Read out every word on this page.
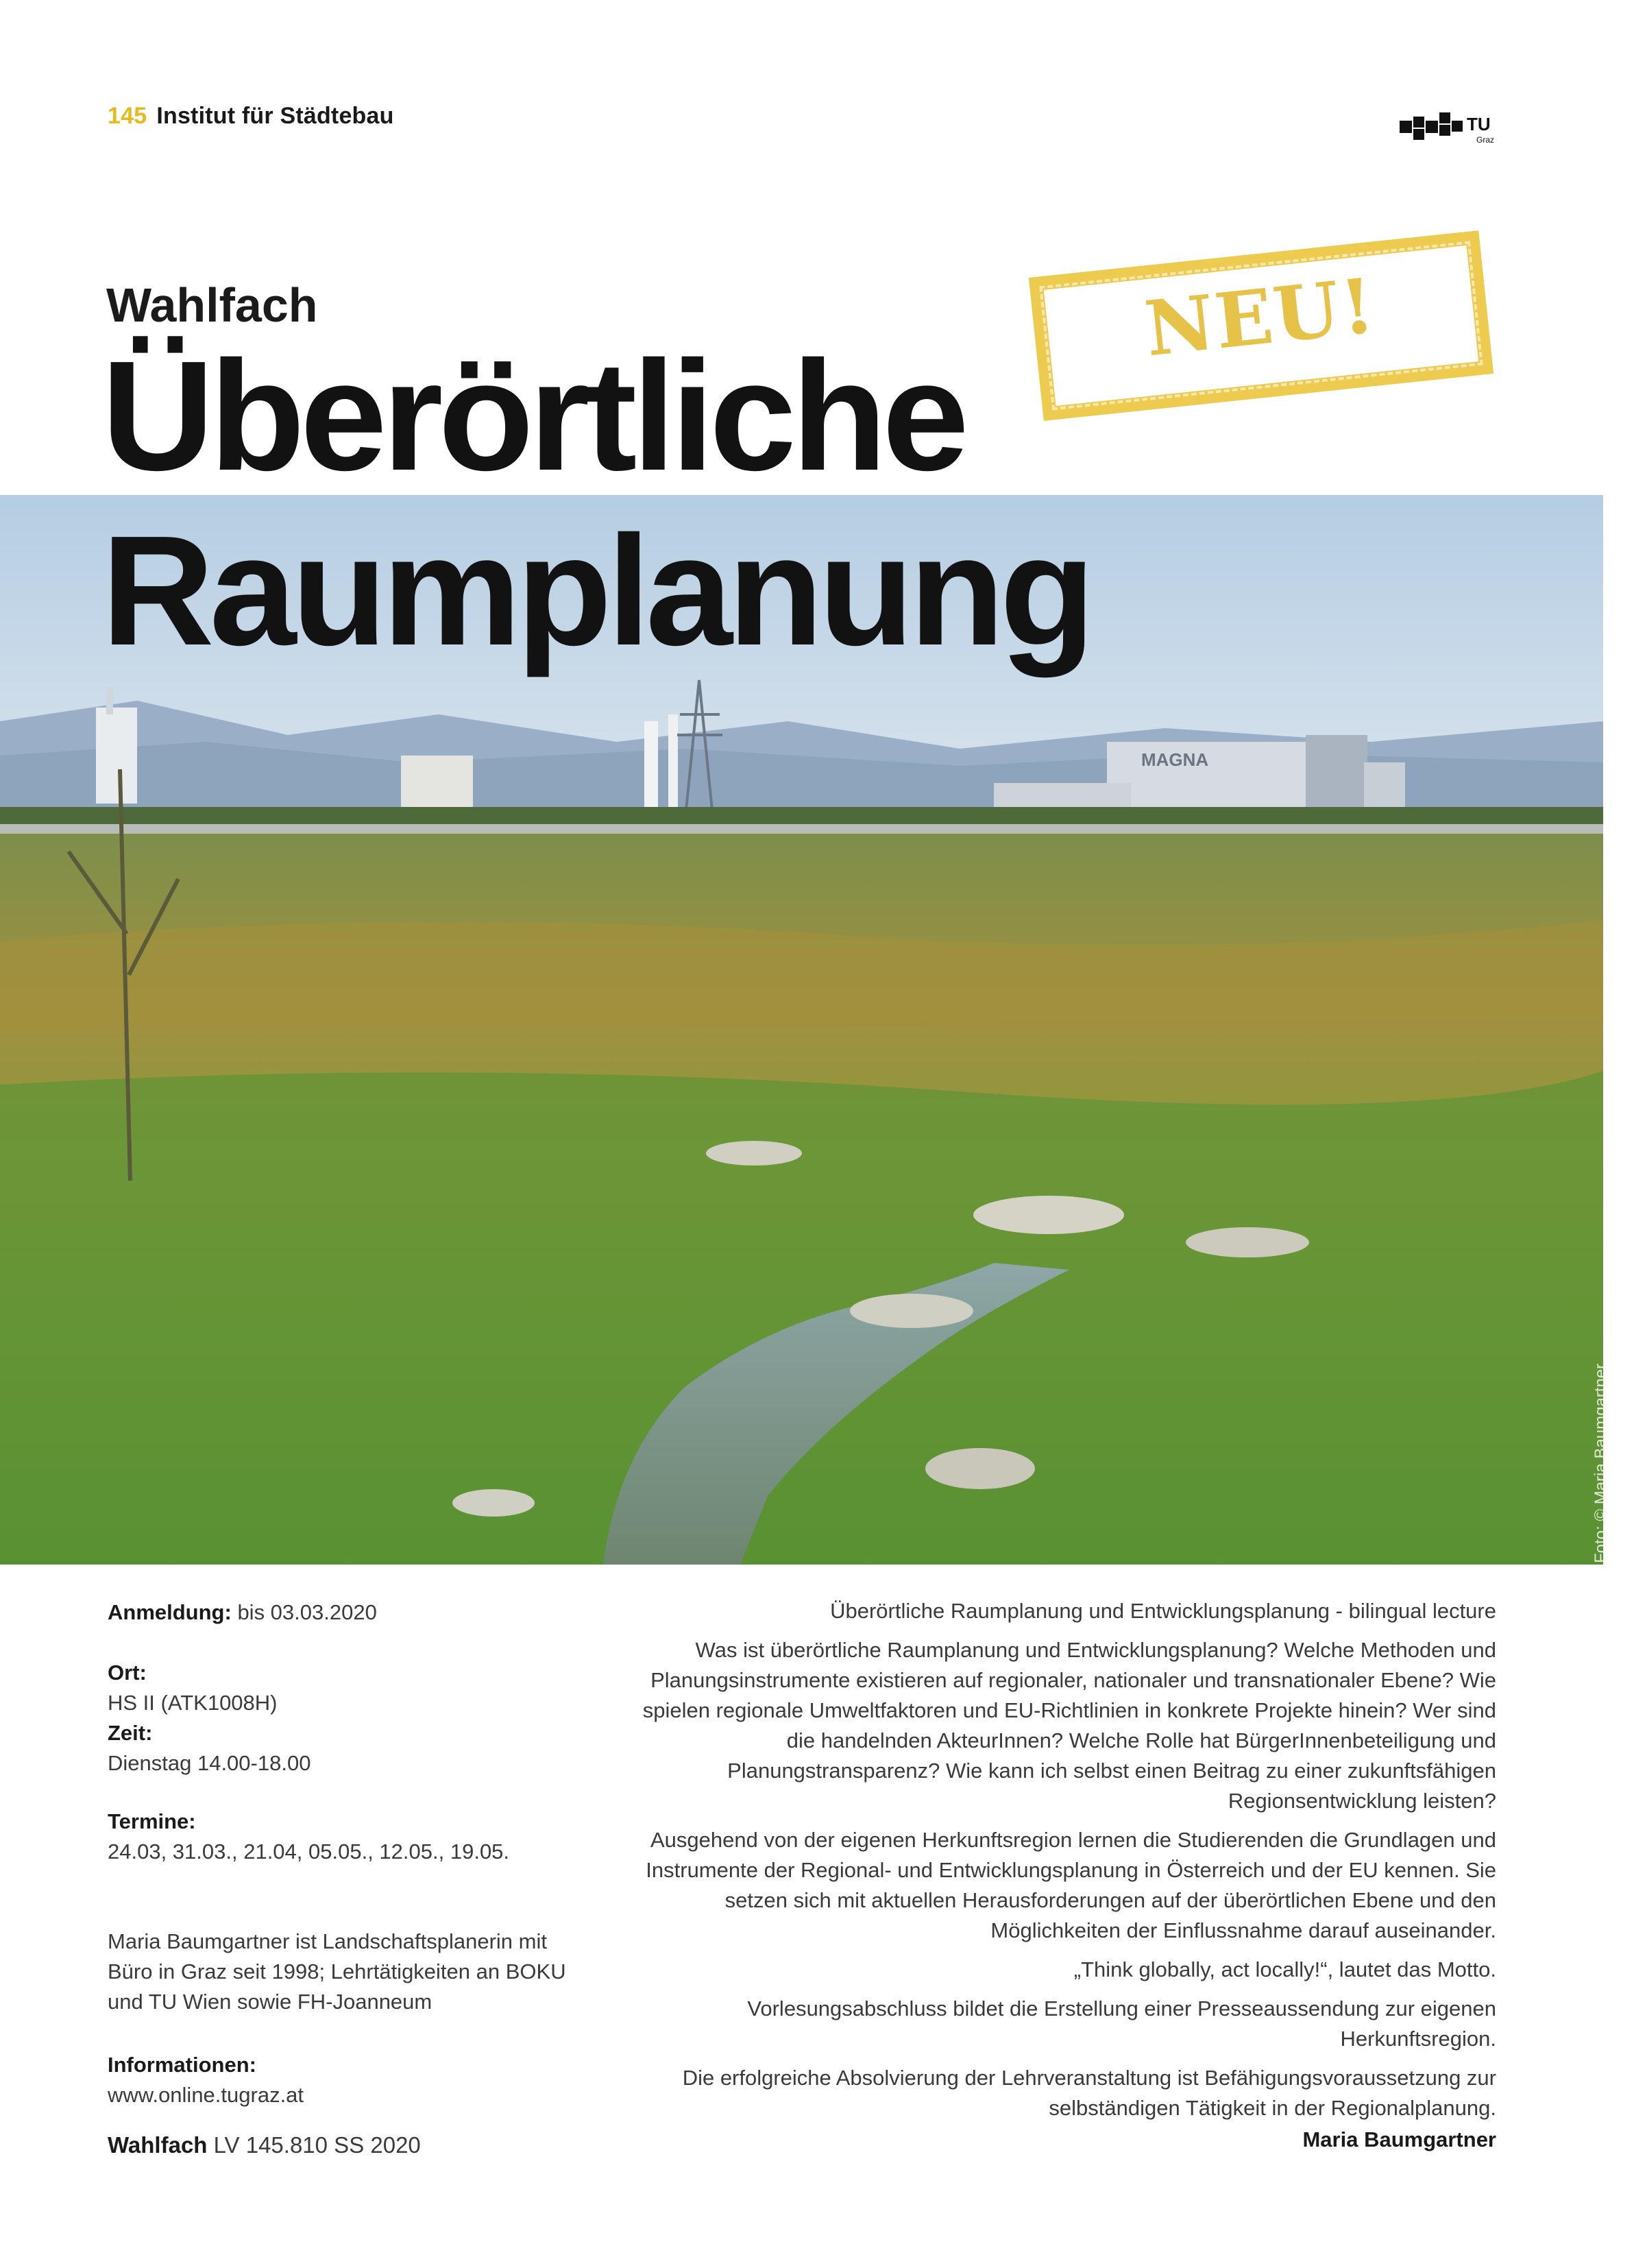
145 Institut für Städtebau	TU
Graz
MAGNA
Wahlfach
Überörtliche
Raumplanung
NEU!
Foto: © Maria Baumgartner Impressum: TU Graz/Institut für Städtebau, Eigendruck Graz
Anmeldung: bis 03.03.2020
Ort:
HS II (ATK1008H)
Zeit:
Dienstag 14.00-18.00
Termine:
24.03, 31.03., 21.04, 05.05., 12.05., 19.05.
Maria Baumgartner ist Landschaftsplanerin mit Büro in Graz seit 1998; Lehrtätigkeiten an BOKU und TU Wien sowie FH-Joanneum
Informationen:
www.online.tugraz.at
Wahlfach LV 145.810 SS 2020

Überörtliche Raumplanung und Entwicklungsplanung - bilingual lecture

Was ist überörtliche Raumplanung und Entwicklungsplanung? Welche Methoden und Planungsinstrumente existieren auf regionaler, nationaler und transnationaler Ebene? Wie spielen regionale Umweltfaktoren und EU-Richtlinien in konkrete Projekte hinein? Wer sind die handelnden AkteurInnen? Welche Rolle hat BürgerInnenbeteiligung und Planungstransparenz? Wie kann ich selbst einen Beitrag zu einer zukunftsfähigen Regionsentwicklung leisten?

Ausgehend von der eigenen Herkunftsregion lernen die Studierenden die Grundlagen und Instrumente der Regional- und Entwicklungsplanung in Österreich und der EU kennen. Sie setzen sich mit aktuellen Herausforderungen auf der überörtlichen Ebene und den Möglichkeiten der Einflussnahme darauf auseinander.

„Think globally, act locally!“, lautet das Motto.

Vorlesungsabschluss bildet die Erstellung einer Presseaussendung zur eigenen Herkunftsregion.

Die erfolgreiche Absolvierung der Lehrveranstaltung ist Befähigungsvoraussetzung zur selbständigen Tätigkeit in der Regionalplanung.

Maria Baumgartner
